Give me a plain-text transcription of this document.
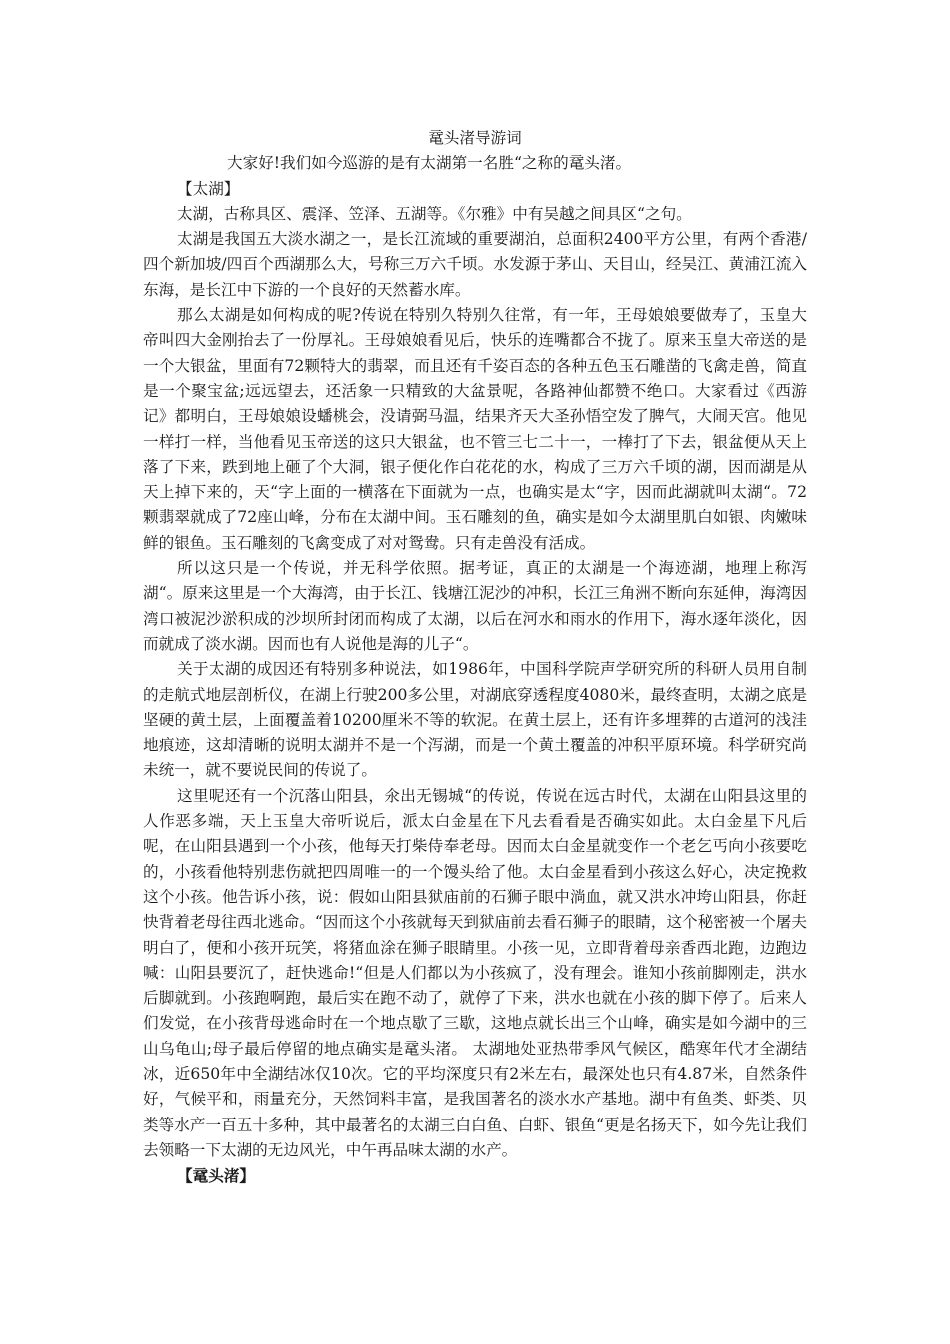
鼋头渚导游词

大家好!我们如今巡游的是有太湖第一名胜“之称的鼋头渚。

【太湖】

太湖，古称具区、震泽、笠泽、五湖等。《尔雅》中有吴越之间具区“之句。

太湖是我国五大淡水湖之一，是长江流域的重要湖泊，总面积2400平方公里，有两个香港/四个新加坡/四百个西湖那么大，号称三万六千顷。水发源于茅山、天目山，经吴江、黄浦江流入东海，是长江中下游的一个良好的天然蓄水库。

那么太湖是如何构成的呢?传说在特别久特别久往常，有一年，王母娘娘要做寿了，玉皇大帝叫四大金刚抬去了一份厚礼。王母娘娘看见后，快乐的连嘴都合不拢了。原来玉皇大帝送的是一个大银盆，里面有72颗特大的翡翠，而且还有千姿百态的各种五色玉石雕凿的飞禽走兽，简直是一个聚宝盆;远远望去，还活象一只精致的大盆景呢，各路神仙都赞不绝口。大家看过《西游记》都明白，王母娘娘设蟠桃会，没请弼马温，结果齐天大圣孙悟空发了脾气，大闹天宫。他见一样打一样，当他看见玉帝送的这只大银盆，也不管三七二十一，一棒打了下去，银盆便从天上落了下来，跌到地上砸了个大洞，银子便化作白花花的水，构成了三万六千顷的湖，因而湖是从天上掉下来的，天“字上面的一横落在下面就为一点，也确实是太“字，因而此湖就叫太湖“。72颗翡翠就成了72座山峰，分布在太湖中间。玉石雕刻的鱼，确实是如今太湖里肌白如银、肉嫩味鲜的银鱼。玉石雕刻的飞禽变成了对对鸳鸯。只有走兽没有活成。

所以这只是一个传说，并无科学依照。据考证，真正的太湖是一个海迹湖，地理上称泻湖“。原来这里是一个大海湾，由于长江、钱塘江泥沙的冲积，长江三角洲不断向东延伸，海湾因湾口被泥沙淤积成的沙坝所封闭而构成了太湖，以后在河水和雨水的作用下，海水逐年淡化，因而就成了淡水湖。因而也有人说他是海的儿子“。

关于太湖的成因还有特别多种说法，如1986年，中国科学院声学研究所的科研人员用自制的走航式地层剖析仪，在湖上行驶200多公里，对湖底穿透程度4080米，最终查明，太湖之底是坚硬的黄土层，上面覆盖着10200厘米不等的软泥。在黄土层上，还有许多埋葬的古道河的浅洼地痕迹，这却清晰的说明太湖并不是一个泻湖，而是一个黄土覆盖的冲积平原环境。科学研究尚未统一，就不要说民间的传说了。

这里呢还有一个沉落山阳县，氽出无锡城“的传说，传说在远古时代，太湖在山阳县这里的人作恶多端，天上玉皇大帝听说后，派太白金星在下凡去看看是否确实如此。太白金星下凡后呢，在山阳县遇到一个小孩，他每天打柴侍奉老母。因而太白金星就变作一个老乞丐向小孩要吃的，小孩看他特别悲伤就把四周唯一的一个馒头给了他。太白金星看到小孩这么好心，决定挽救这个小孩。他告诉小孩，说：假如山阳县狱庙前的石狮子眼中淌血，就又洪水冲垮山阳县，你赶快背着老母往西北逃命。“因而这个小孩就每天到狱庙前去看石狮子的眼睛，这个秘密被一个屠夫明白了，便和小孩开玩笑，将猪血涂在狮子眼睛里。小孩一见，立即背着母亲香西北跑，边跑边喊：山阳县要沉了，赶快逃命!“但是人们都以为小孩疯了，没有理会。谁知小孩前脚刚走，洪水后脚就到。小孩跑啊跑，最后实在跑不动了，就停了下来，洪水也就在小孩的脚下停了。后来人们发觉，在小孩背母逃命时在一个地点歇了三歇，这地点就长出三个山峰，确实是如今湖中的三山乌龟山;母子最后停留的地点确实是鼋头渚。 太湖地处亚热带季风气候区，酷寒年代才全湖结冰，近650年中全湖结冰仅10次。它的平均深度只有2米左右，最深处也只有4.87米，自然条件好，气候平和，雨量充分，天然饲料丰富，是我国著名的淡水水产基地。湖中有鱼类、虾类、贝类等水产一百五十多种，其中最著名的太湖三白白鱼、白虾、银鱼“更是名扬天下，如今先让我们去领略一下太湖的无边风光，中午再品味太湖的水产。

【鼋头渚】
